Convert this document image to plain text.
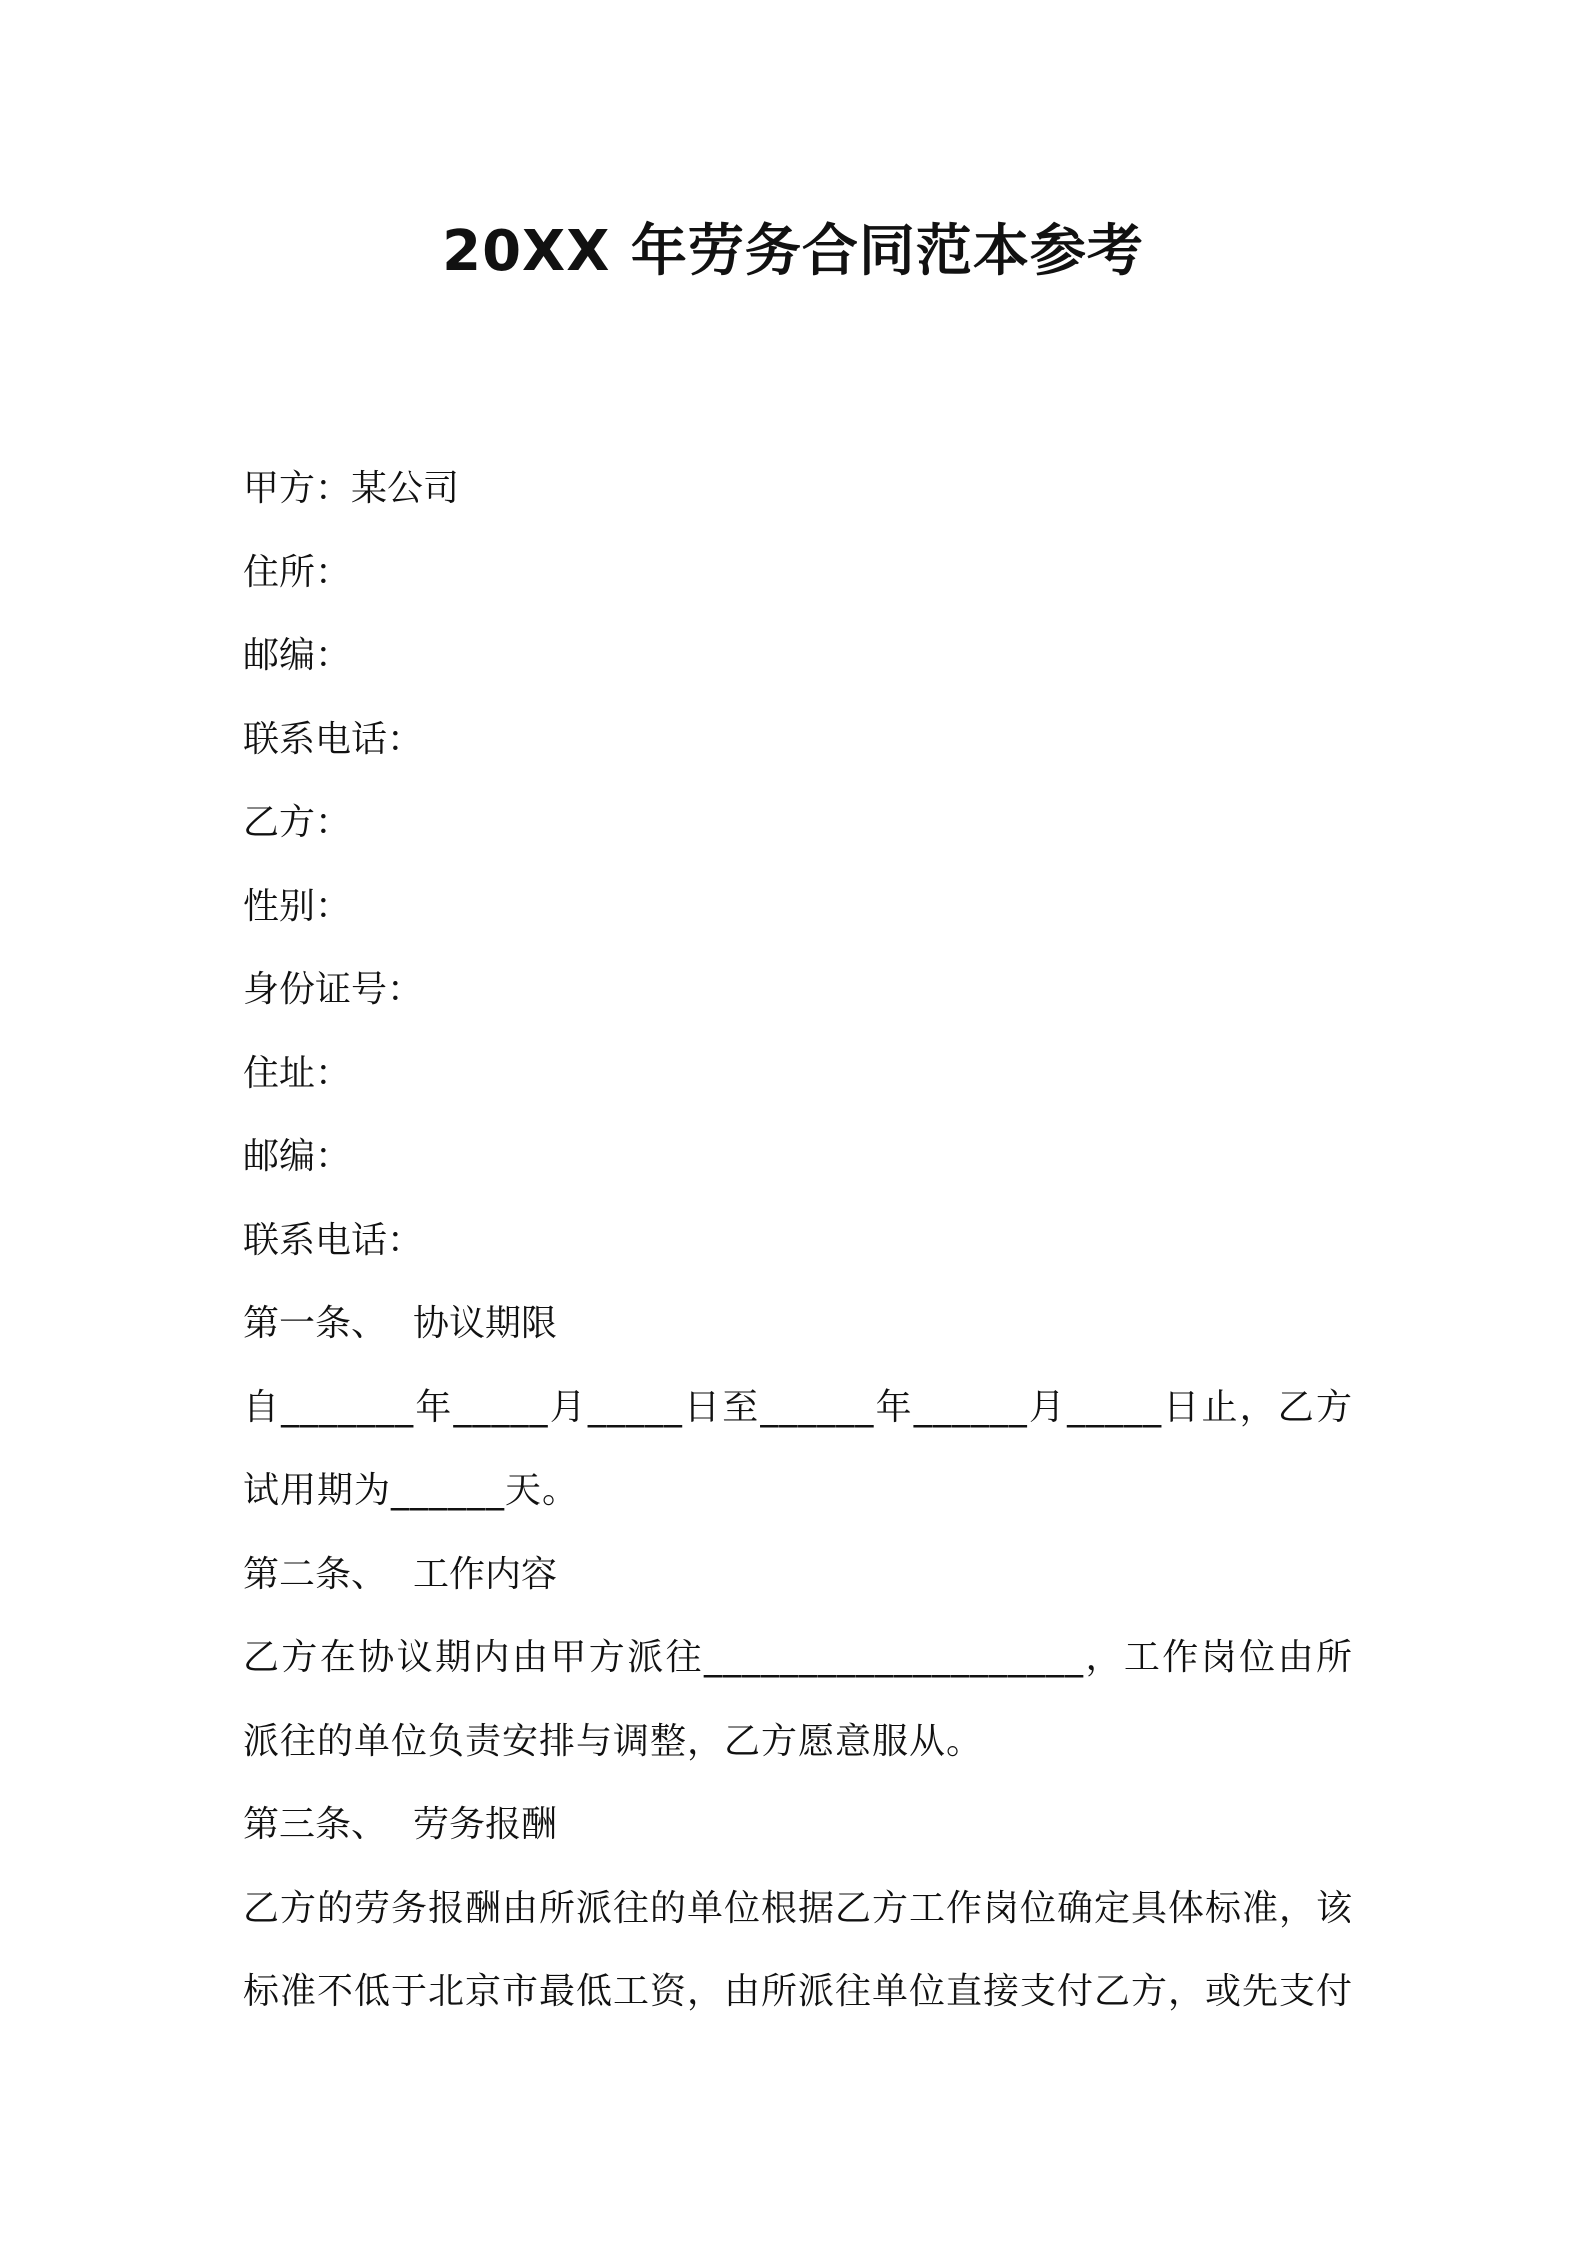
20XX 年劳务合同范本参考
甲方：某公司
住所：
邮编：
联系电话：
乙方：
性别：
身份证号：
住址：
邮编：
联系电话：
第一条、 协议期限
自_______年_____月_____日至______年______月_____日止，乙方试用期为______天。
第二条、 工作内容
乙方在协议期内由甲方派往____________________，工作岗位由所派往的单位负责安排与调整，乙方愿意服从。
第三条、 劳务报酬
乙方的劳务报酬由所派往的单位根据乙方工作岗位确定具体标准，该标准不低于北京市最低工资，由所派往单位直接支付乙方，或先支付
